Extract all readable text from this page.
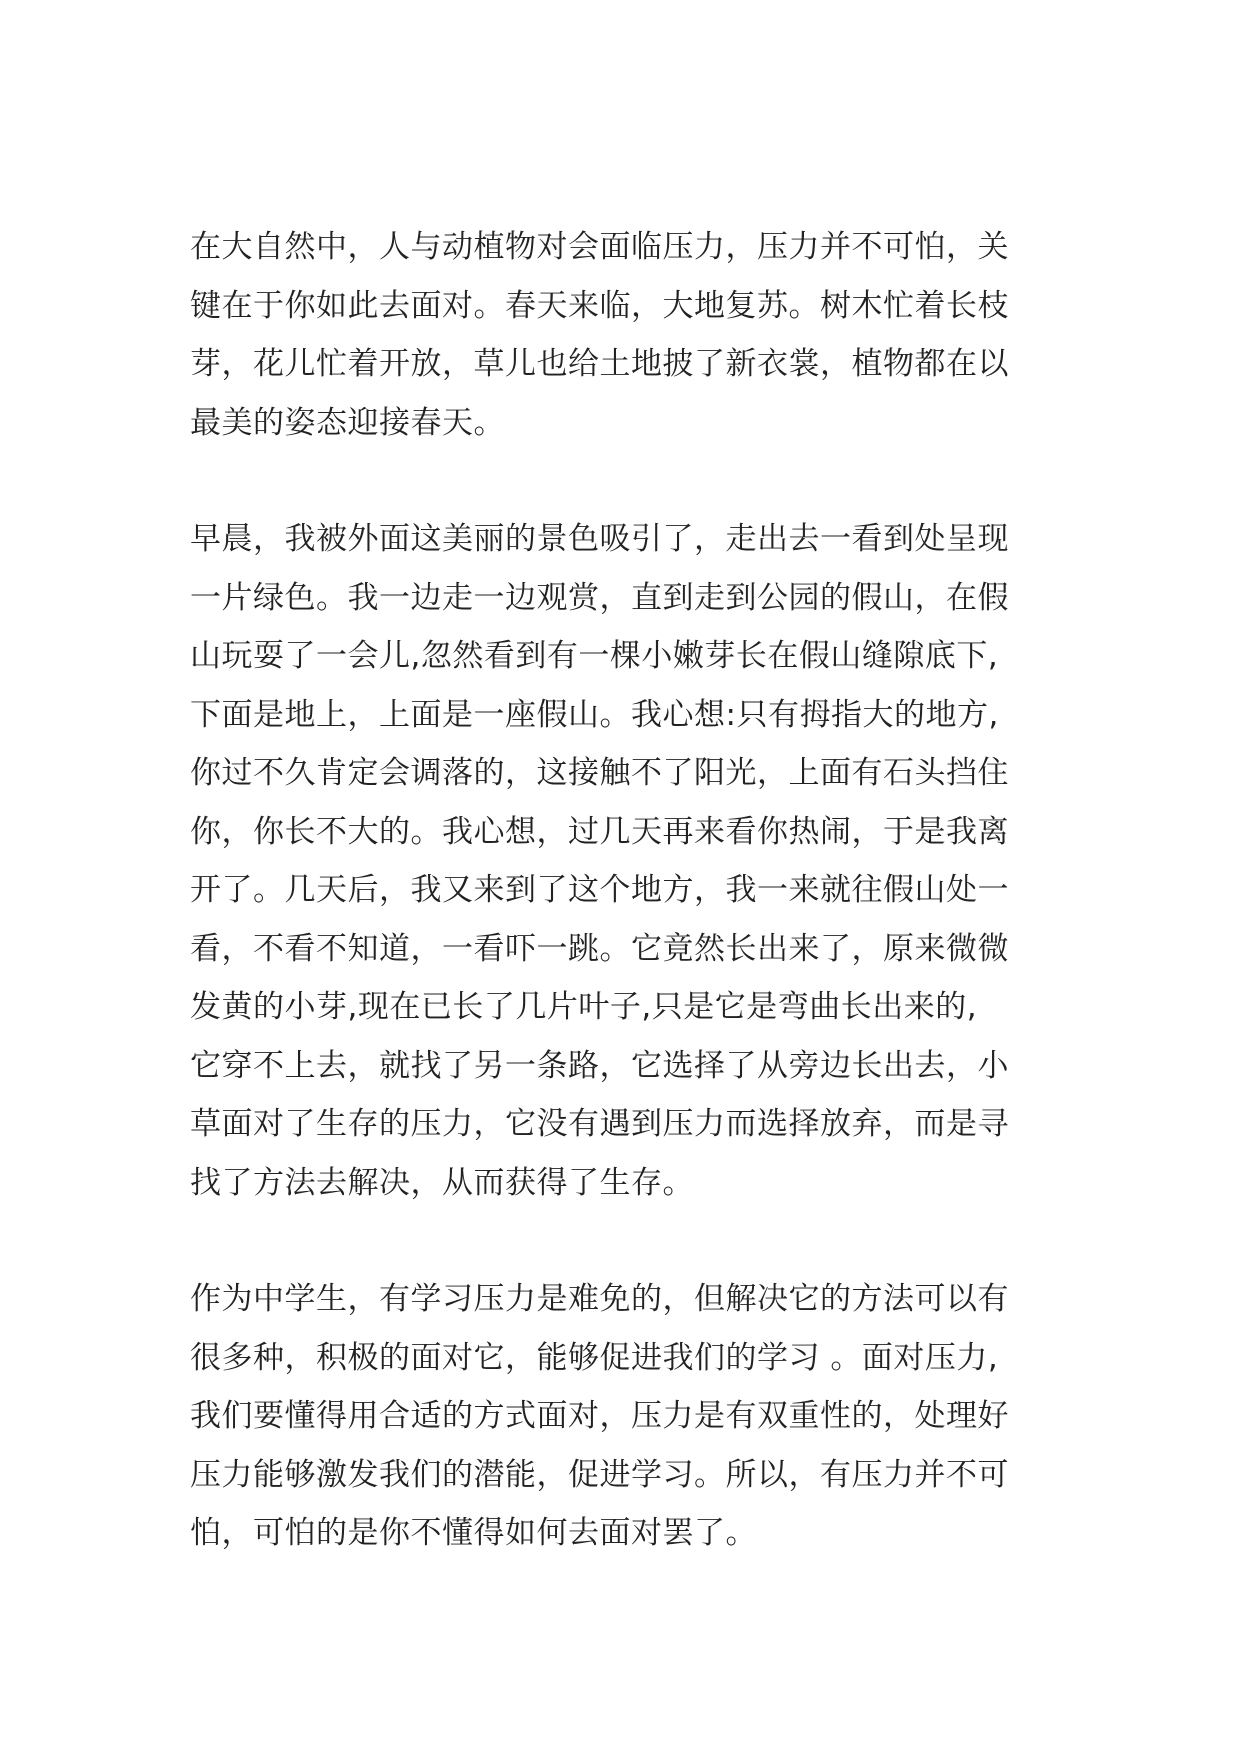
在大自然中，人与动植物对会面临压力，压力并不可怕，关
键在于你如此去面对。春天来临，大地复苏。树木忙着长枝
芽，花儿忙着开放，草儿也给土地披了新衣裳，植物都在以
最美的姿态迎接春天。

早晨，我被外面这美丽的景色吸引了，走出去一看到处呈现
一片绿色。我一边走一边观赏，直到走到公园的假山，在假
山玩耍了一会儿,忽然看到有一棵小嫩芽长在假山缝隙底下,
下面是地上，上面是一座假山。我心想:只有拇指大的地方,
你过不久肯定会调落的，这接触不了阳光，上面有石头挡住
你，你长不大的。我心想，过几天再来看你热闹，于是我离
开了。几天后，我又来到了这个地方，我一来就往假山处一
看，不看不知道，一看吓一跳。它竟然长出来了，原来微微
发黄的小芽,现在已长了几片叶子,只是它是弯曲长出来的,
它穿不上去，就找了另一条路，它选择了从旁边长出去，小
草面对了生存的压力，它没有遇到压力而选择放弃，而是寻
找了方法去解决，从而获得了生存。

作为中学生，有学习压力是难免的，但解决它的方法可以有
很多种，积极的面对它，能够促进我们的学习 。面对压力,
我们要懂得用合适的方式面对，压力是有双重性的，处理好
压力能够激发我们的潜能，促进学习。所以，有压力并不可
怕，可怕的是你不懂得如何去面对罢了。
